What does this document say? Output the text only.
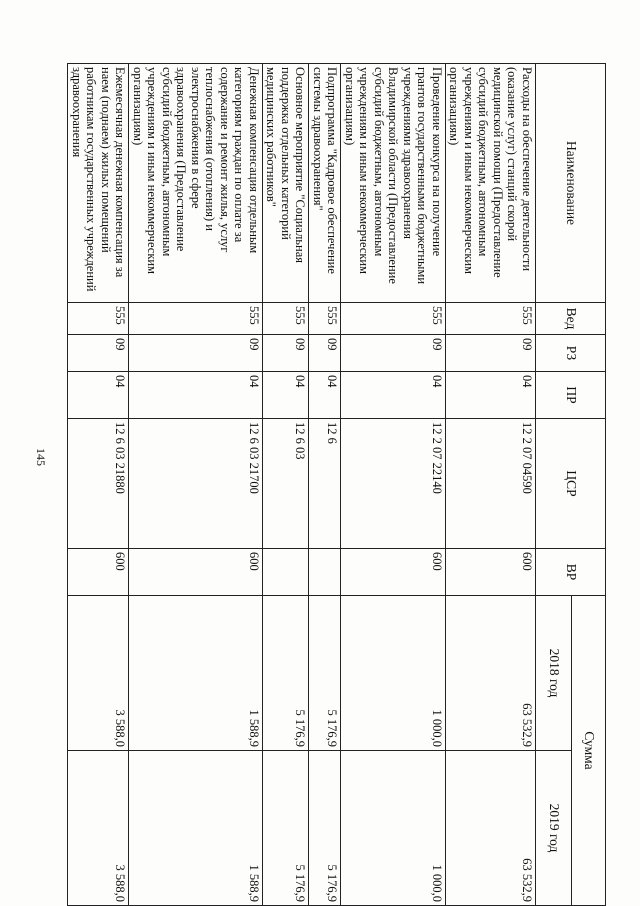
145
Наименование	Вед	РЗ	ПР	ЦСР	ВР	Сумма	
						2018 год	2019 год
Расходы на обеспечение деятельности (оказание услуг) станций скорой медицинской помощи (Предоставление субсидий бюджетным, автономным учреждениям и иным некоммерческим организациям)	555	09	04	12 2 07 04590	600	63 532,9	63 532,9
Проведение конкурса на получение грантов государственными бюджетными учреждениями здравоохранения Владимирской области (Предоставление субсидий бюджетным, автономным учреждениям и иным некоммерческим организациям)	555	09	04	12 2 07 22140	600	1 000,0	1 000,0
Подпрограмма "Кадровое обеспечение системы здравоохранения"	555	09	04	12 6		5 176,9	5 176,9
Основное мероприятие "Социальная поддержка отдельных категорий медицинских работников"	555	09	04	12 6 03		5 176,9	5 176,9
Денежная компенсация отдельным категориям граждан по оплате за содержание и ремонт жилья, услуг теплоснабжения (отопления) и электроснабжения в сфере здравоохранения (Предоставление субсидий бюджетным, автономным учреждениям и иным некоммерческим организациям)	555	09	04	12 6 03 21700	600	1 588,9	1 588,9
Ежемесячная денежная компенсация за наем (поднаем) жилых помещений работникам государственных учреждений здравоохранения	555	09	04	12 6 03 21880	600	3 588,0	3 588,0
